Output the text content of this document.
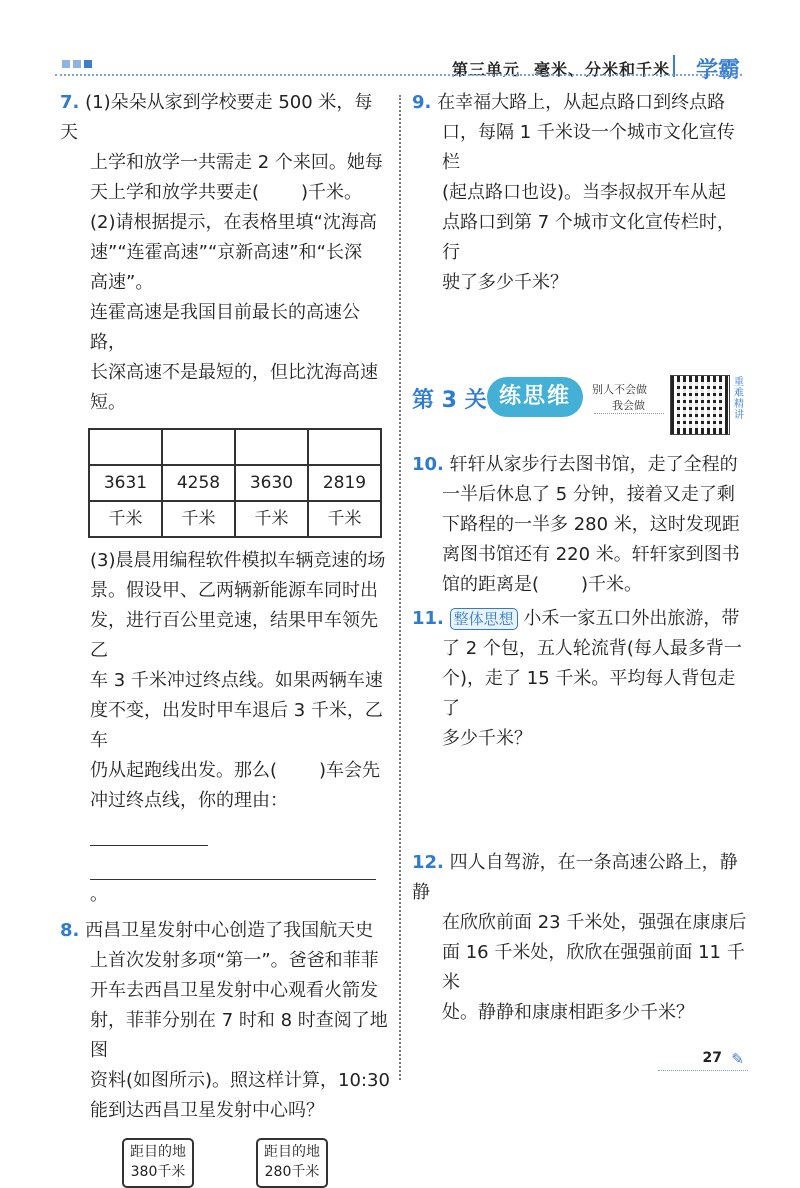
第三单元 毫米、分米和千米 学霸

7. (1)朵朵从家到学校要走 500 米，每天

上学和放学一共需走 2 个来回。她每

天上学和放学共要走( )千米。

(2)请根据提示，在表格里填“沈海高

速”“连霍高速”“京新高速”和“长深

高速”。

连霍高速是我国目前最长的高速公路，

长深高速不是最短的，但比沈海高速短。

3631	4258	3630	2819
千米	千米	千米	千米

(3)晨晨用编程软件模拟车辆竞速的场

景。假设甲、乙两辆新能源车同时出

发，进行百公里竞速，结果甲车领先乙

车 3 千米冲过终点线。如果两辆车速

度不变，出发时甲车退后 3 千米，乙车

仍从起跑线出发。那么( )车会先

冲过终点线，你的理由：

。

8. 西昌卫星发射中心创造了我国航天史

上首次发射多项“第一”。爸爸和菲菲

开车去西昌卫星发射中心观看火箭发

射，菲菲分别在 7 时和 8 时查阅了地图

资料(如图所示)。照这样计算，10:30

能到达西昌卫星发射中心吗？

距目的地
380千米
距目的地
280千米

9. 在幸福大路上，从起点路口到终点路

口，每隔 1 千米设一个城市文化宣传栏

(起点路口也设)。当李叔叔开车从起

点路口到第 7 个城市文化宣传栏时，行

驶了多少千米？

第 3 关 练思维	别人不会做
我会做
重难精讲

10. 轩轩从家步行去图书馆，走了全程的

一半后休息了 5 分钟，接着又走了剩

下路程的一半多 280 米，这时发现距

离图书馆还有 220 米。轩轩家到图书

馆的距离是( )千米。

11. 整体思想 小禾一家五口外出旅游，带

了 2 个包，五人轮流背(每人最多背一

个)，走了 15 千米。平均每人背包走了

多少千米？

12. 四人自驾游，在一条高速公路上，静静

在欣欣前面 23 千米处，强强在康康后

面 16 千米处，欣欣在强强前面 11 千米

处。静静和康康相距多少千米？

27 ✎
